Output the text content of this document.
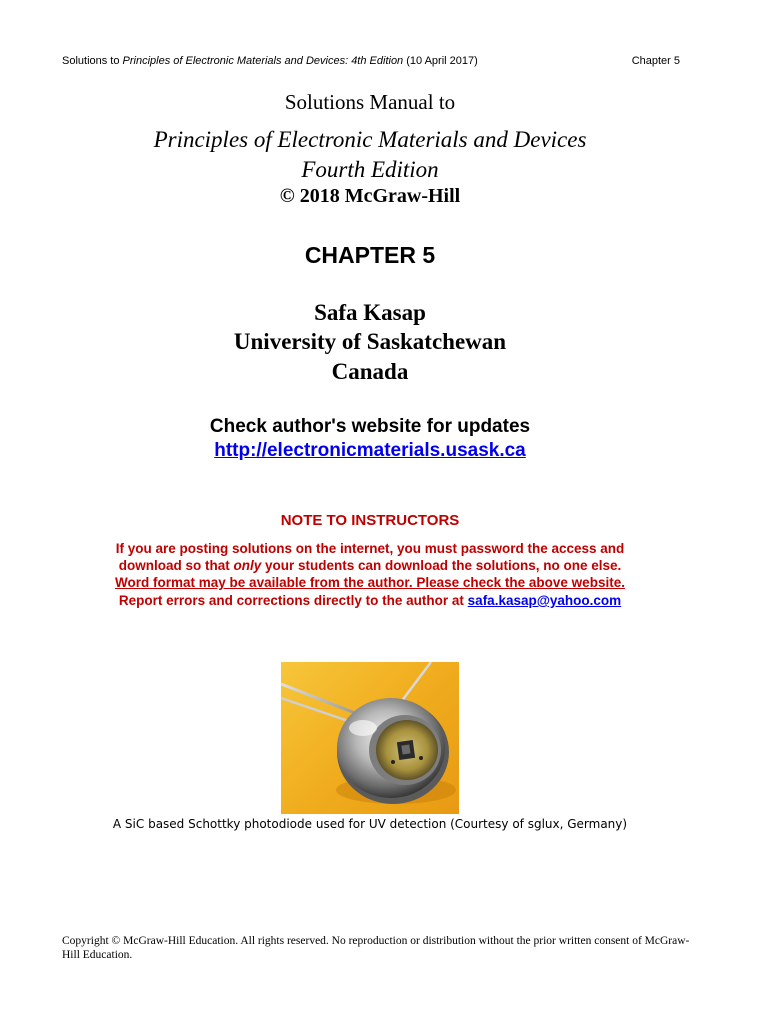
Solutions to Principles of Electronic Materials and Devices: 4th Edition (10 April 2017)	Chapter 5
Solutions Manual to
Principles of Electronic Materials and Devices
Fourth Edition
© 2018 McGraw-Hill
CHAPTER 5
Safa Kasap
University of Saskatchewan
Canada
Check author's website for updates
http://electronicmaterials.usask.ca
NOTE TO INSTRUCTORS
If you are posting solutions on the internet, you must password the access and
download so that only your students can download the solutions, no one else.
Word format may be available from the author. Please check the above website.
Report errors and corrections directly to the author at safa.kasap@yahoo.com
A SiC based Schottky photodiode used for UV detection (Courtesy of sglux, Germany)
Copyright © McGraw-Hill Education. All rights reserved. No reproduction or distribution without the prior written consent of McGraw-Hill Education.
